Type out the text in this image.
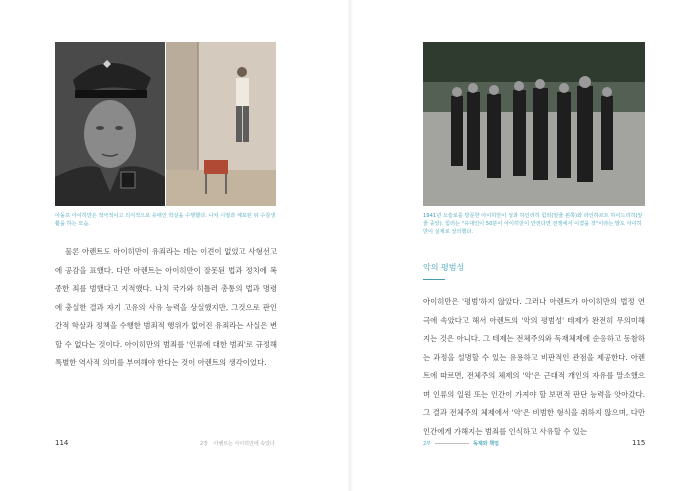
아돌프 아이히만은 적극적이고 의식적으로 유태인 학살을 수행했다. 나치 시절과 체포된 뒤 수감생활을 하는 모습.

물론 아렌트도 아이히만이 유죄라는 데는 이견이 없었고 사형선고에 공감을 표했다. 다만 아렌트는 아이히만이 잘못된 법과 정치에 복종한 죄를 범했다고 지적했다. 나치 국가와 히틀러 총통의 법과 명령에 충실한 결과 자기 고유의 사유 능력을 상실했지만, 그것으로 판인간적 학살과 정책을 수행한 범죄적 행위가 없어진 유죄라는 사실은 변할 수 없다는 것이다. 아이히만의 범죄를 '인류에 대한 범죄'로 규정해 특별한 역사적 의미를 부여해야 한다는 것이 아렌트의 생각이었다.

114	2장 아렌트는 아이히만에 속았다
1941년 오슬로를 방문한 아이히만이 성과 하인리히 힘러(앞줄 왼쪽)와 라인하르트 하이드리히(앞줄 중앙). 힘러는 "유대인이 50분이 아이히만이 안전다면 전쟁에서 이겼을 것"이라는 말도 아이히만이 실제로 상의했다.
악의 평범성

아이히만은 '평범'하지 않았다. 그러나 아렌트가 아이히만의 법정 연극에 속았다고 해서 아렌트의 '악의 평범성' 테제가 완전히 무의미해지는 것은 아니다. 그 테제는 전체주의와 독재체제에 순응하고 동참하는 과정을 설명할 수 있는 유용하고 비판적인 관점을 제공한다. 아렌트에 따르면, 전체주의 체제의 '악'은 근대적 개인의 자유를 말소했으며 인류의 일원 또는 인간이 가져야 할 보편적 판단 능력을 앗아갔다. 그 결과 전체주의 체제에서 '악'은 비범한 형식을 취하지 않으며, 다만 인간에게 가해지는 범죄를 인식하고 사유할 수 있는

2부	독재와 책임	115
